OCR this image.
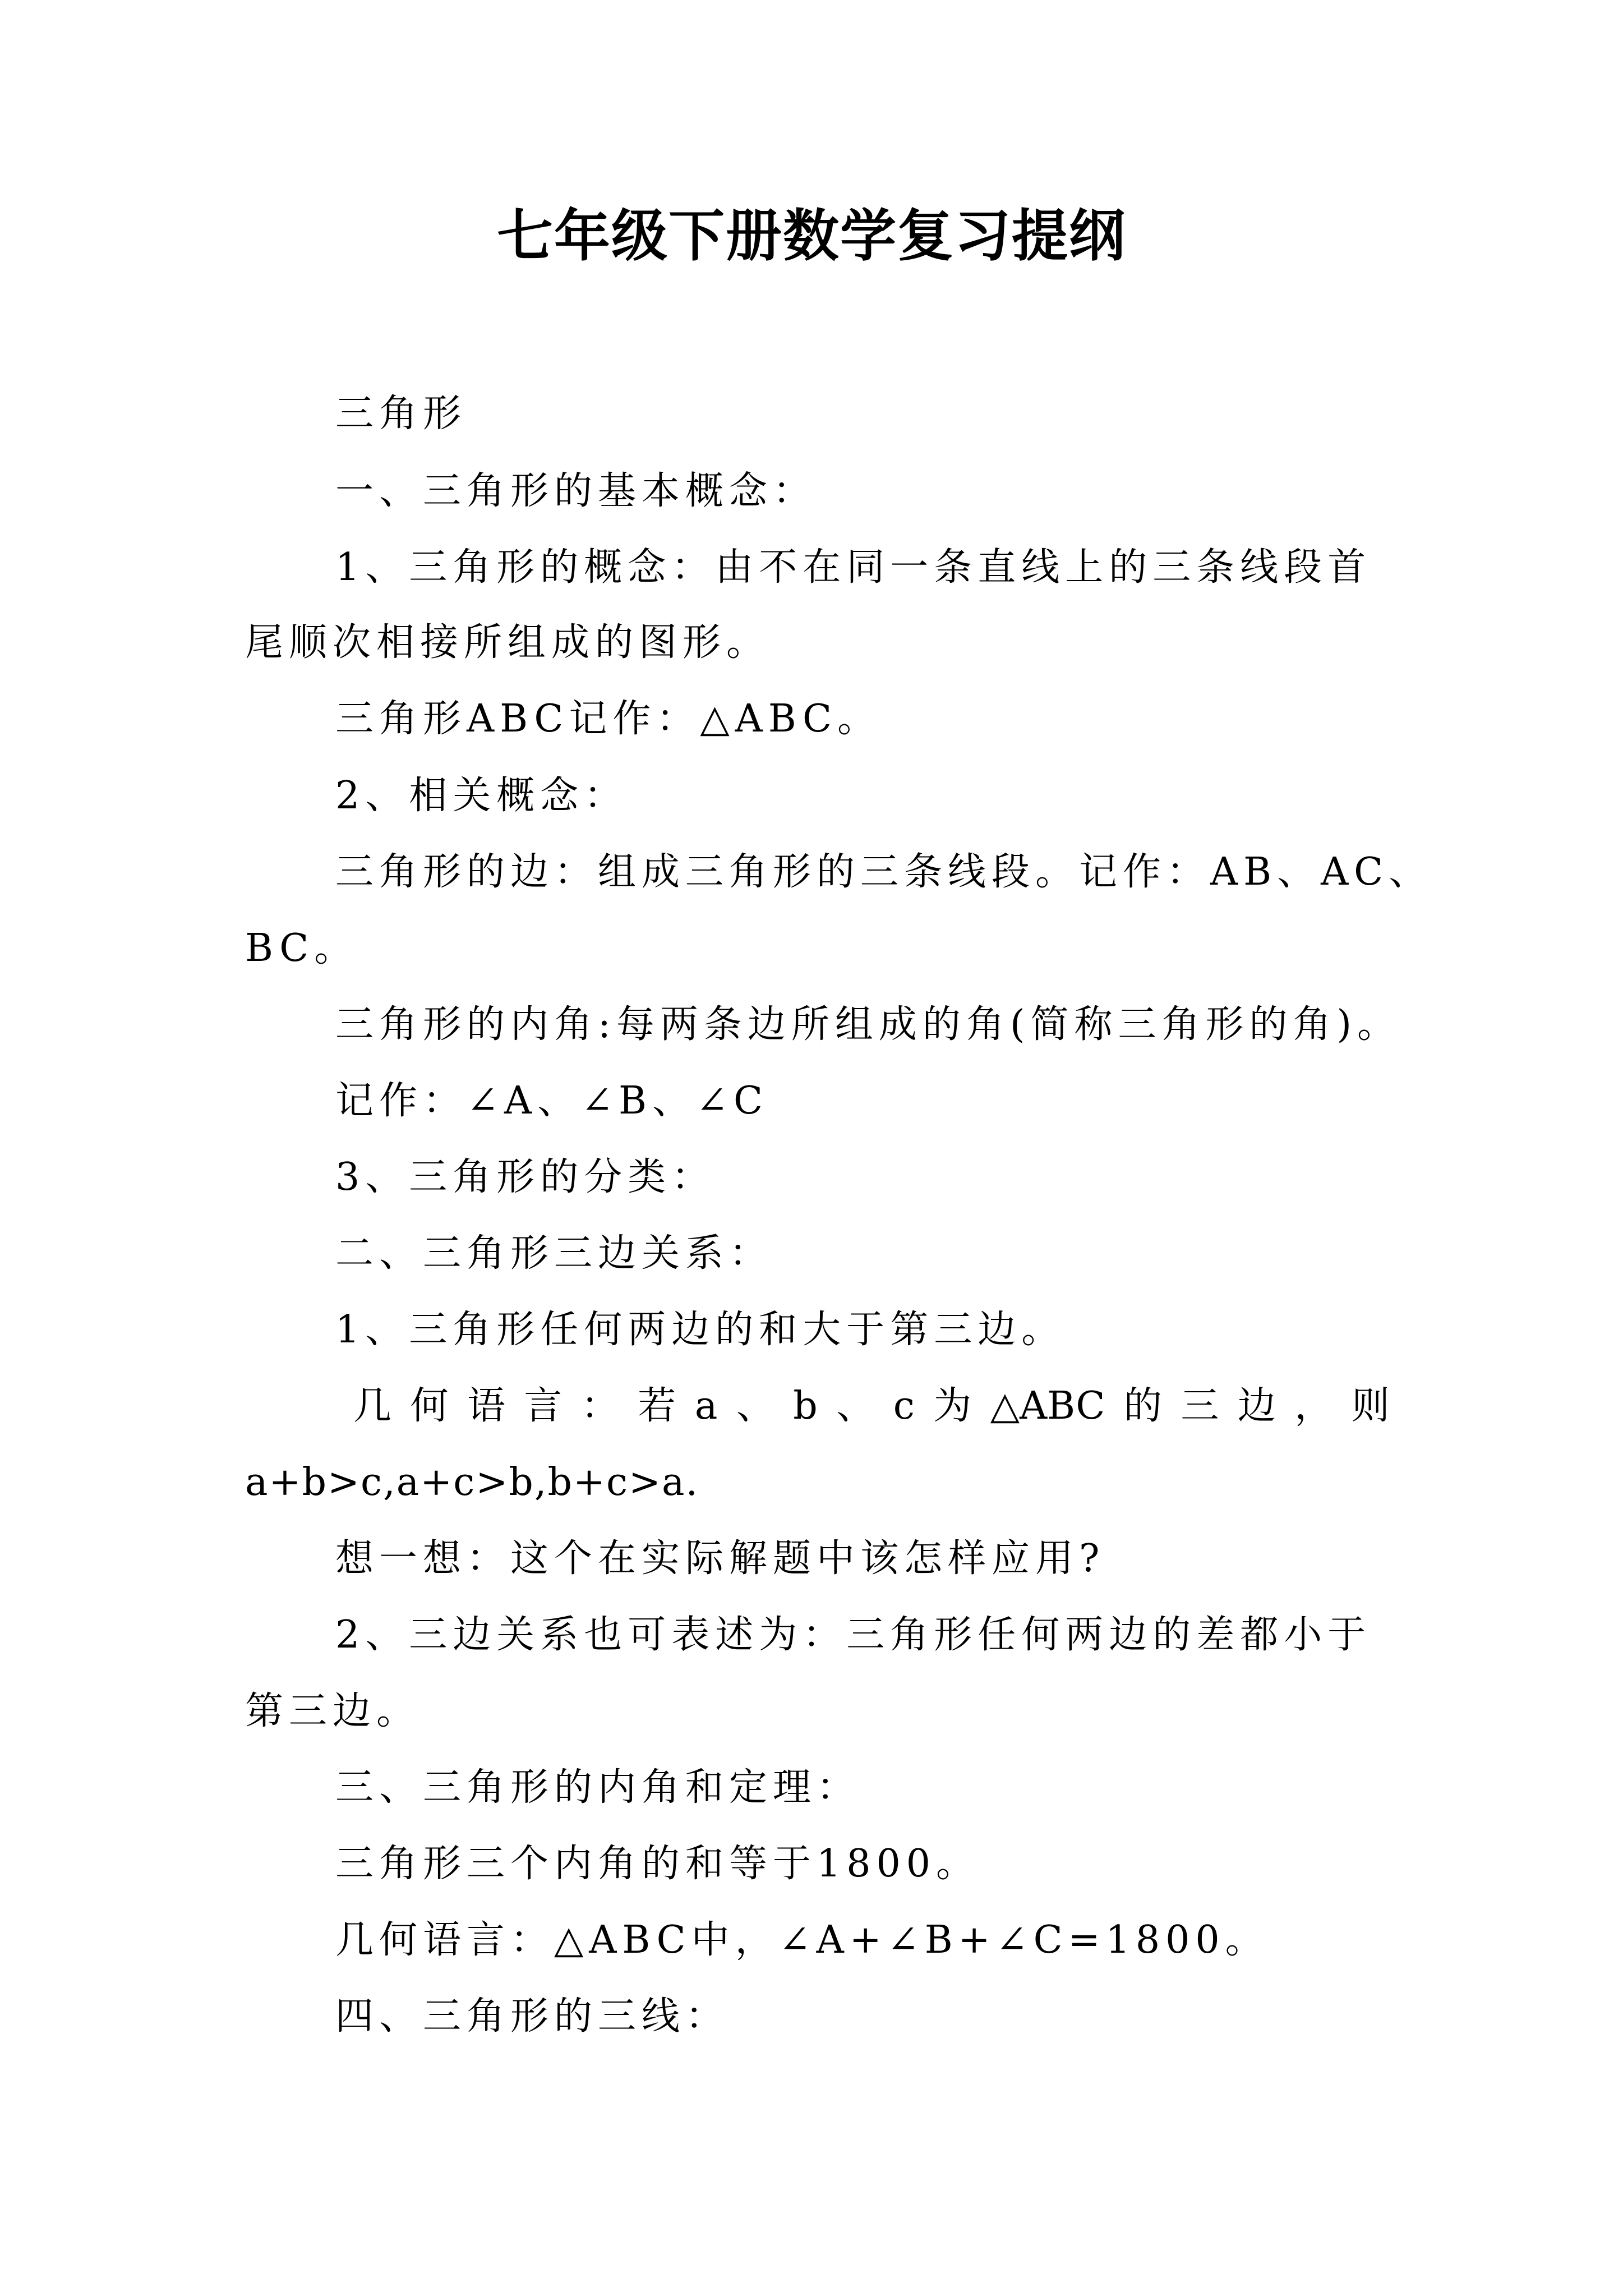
七年级下册数学复习提纲
三角形
一、三角形的基本概念：
1、三角形的概念：由不在同一条直线上的三条线段首
尾顺次相接所组成的图形。
三角形ABC记作：△ABC。
2、相关概念：
三角形的边：组成三角形的三条线段。记作：AB、AC、
BC。
三角形的内角:每两条边所组成的角(简称三角形的角)。
记作：∠A、∠B、∠C
3、三角形的分类：
二、三角形三边关系：
1、三角形任何两边的和大于第三边。
几 何 语 言 ： 若 a 、 b 、 c 为 △ABC 的 三 边 ， 则
a+b>c,a+c>b,b+c>a.
想一想：这个在实际解题中该怎样应用?
2、三边关系也可表述为：三角形任何两边的差都小于
第三边。
三、三角形的内角和定理：
三角形三个内角的和等于1800。
几何语言：△ABC中，∠A+∠B+∠C=1800。
四、三角形的三线：
